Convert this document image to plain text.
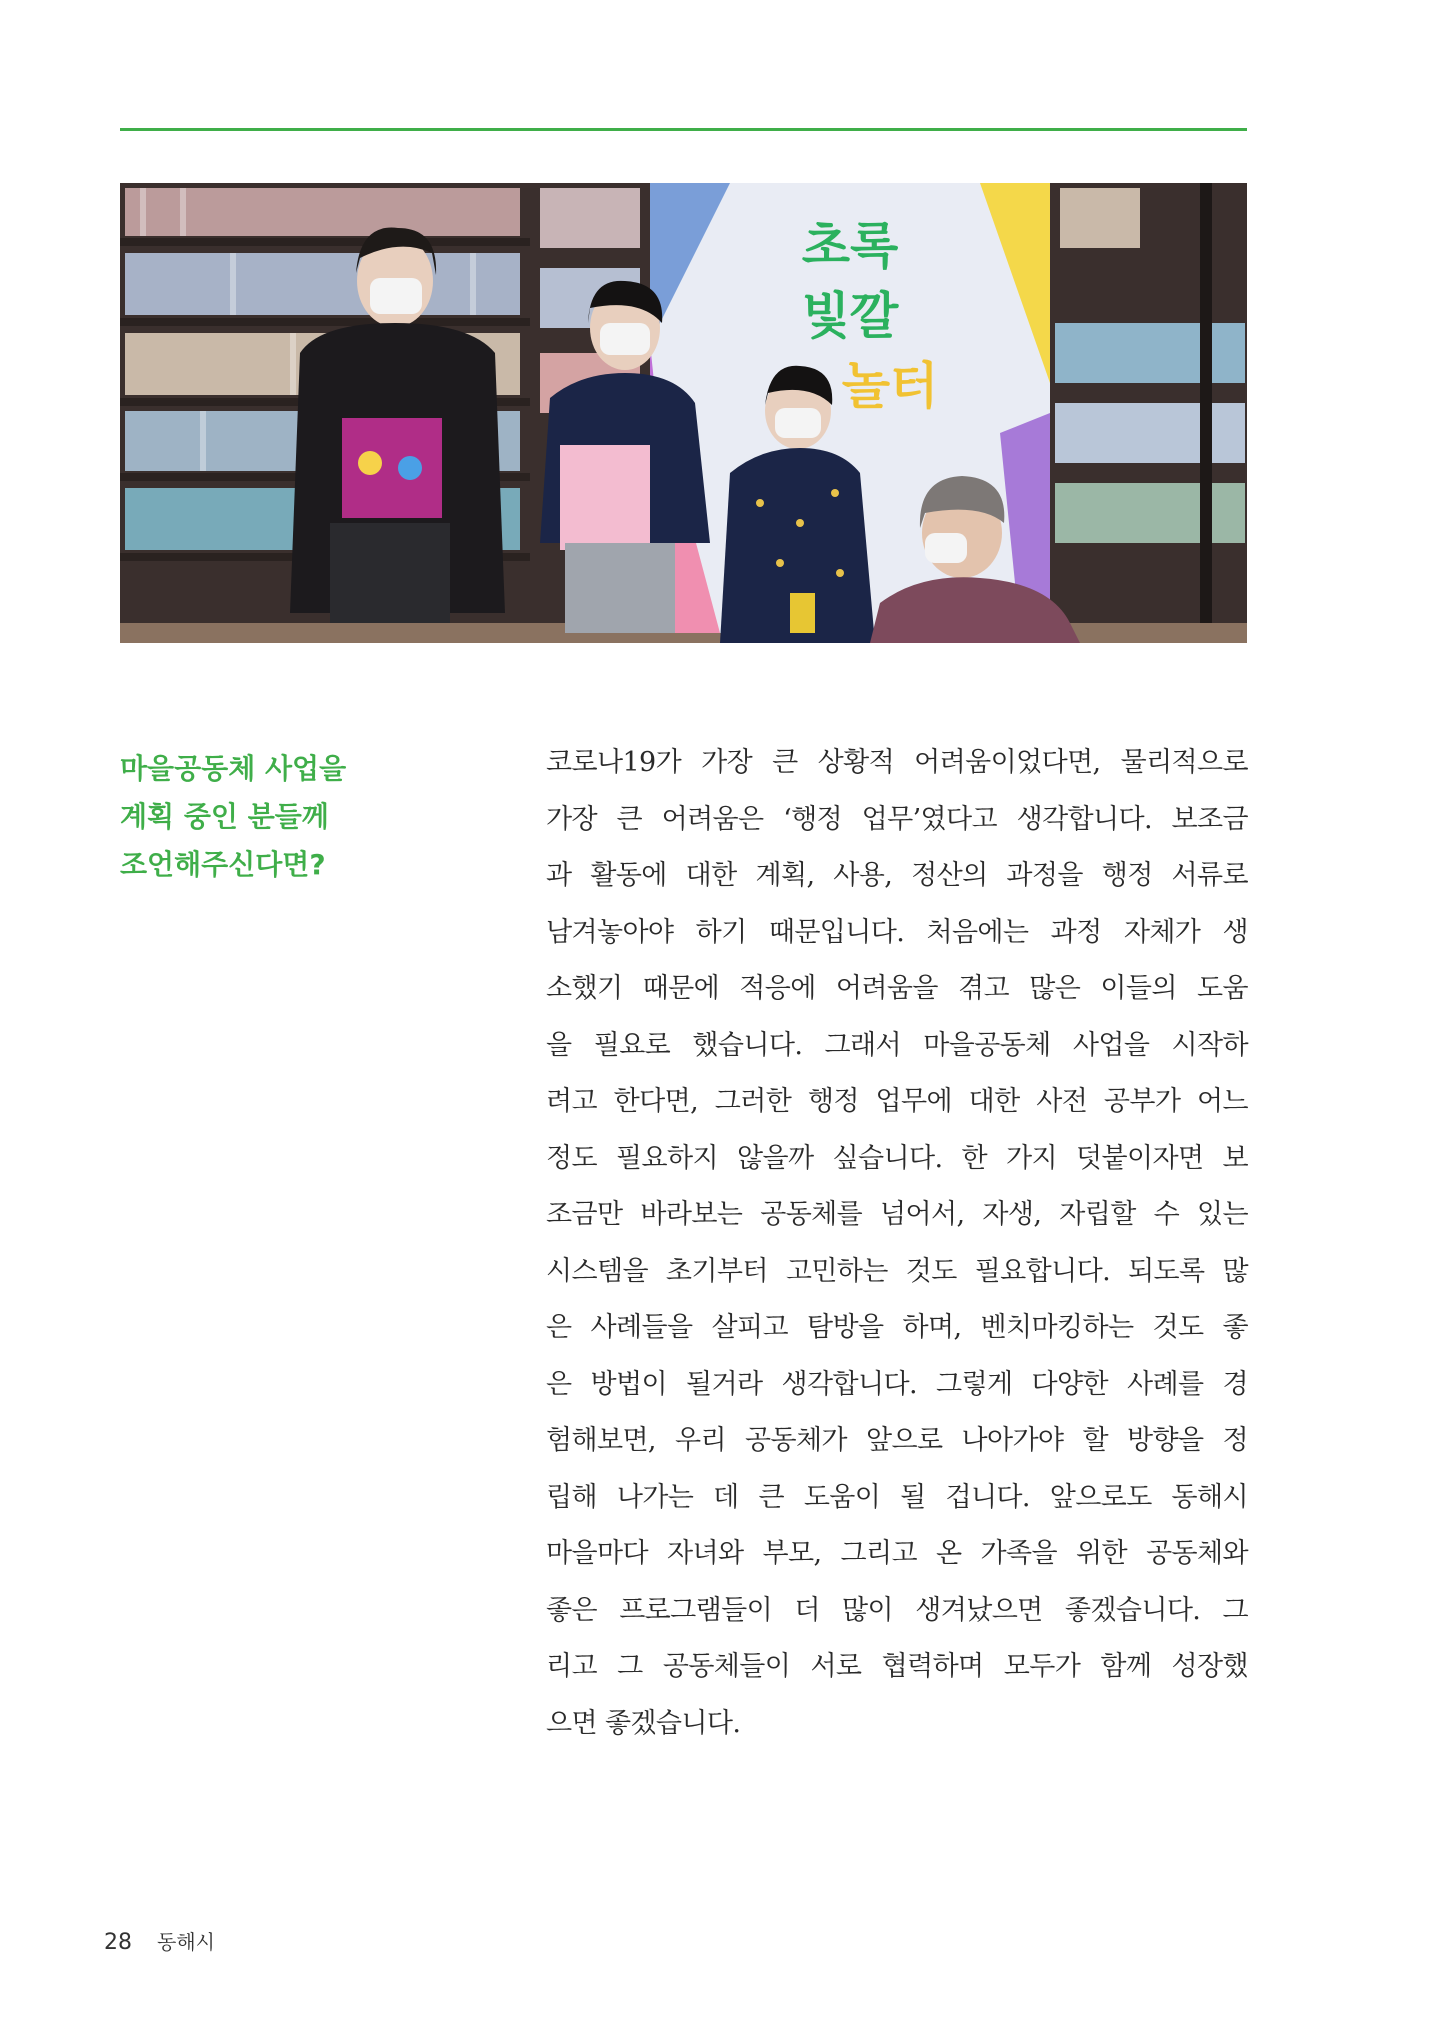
초록
빛깔
놀터
마을공동체 사업을
계획 중인 분들께
조언해주신다면?
코로나19가 가장 큰 상황적 어려움이었다면, 물리적으로
가장 큰 어려움은 ‘행정 업무’였다고 생각합니다. 보조금
과 활동에 대한 계획, 사용, 정산의 과정을 행정 서류로
남겨놓아야 하기 때문입니다. 처음에는 과정 자체가 생
소했기 때문에 적응에 어려움을 겪고 많은 이들의 도움
을 필요로 했습니다. 그래서 마을공동체 사업을 시작하
려고 한다면, 그러한 행정 업무에 대한 사전 공부가 어느
정도 필요하지 않을까 싶습니다. 한 가지 덧붙이자면 보
조금만 바라보는 공동체를 넘어서, 자생, 자립할 수 있는
시스템을 초기부터 고민하는 것도 필요합니다. 되도록 많
은 사례들을 살피고 탐방을 하며, 벤치마킹하는 것도 좋
은 방법이 될거라 생각합니다. 그렇게 다양한 사례를 경
험해보면, 우리 공동체가 앞으로 나아가야 할 방향을 정
립해 나가는 데 큰 도움이 될 겁니다. 앞으로도 동해시
마을마다 자녀와 부모, 그리고 온 가족을 위한 공동체와
좋은 프로그램들이 더 많이 생겨났으면 좋겠습니다. 그
리고 그 공동체들이 서로 협력하며 모두가 함께 성장했
으면 좋겠습니다.
28 동해시
